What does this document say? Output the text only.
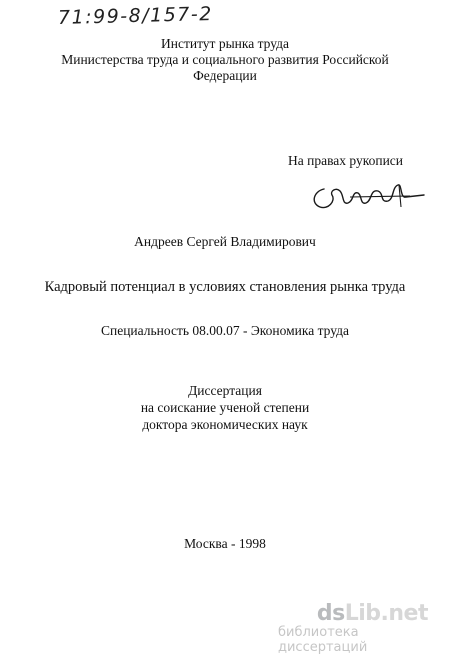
71:99-8/157-2
Институт рынка труда
Министерства труда и социального развития Российской
Федерации
На правах рукописи
Андреев Сергей Владимирович
Кадровый потенциал в условиях становления рынка труда
Специальность 08.00.07 - Экономика труда
Диссертация
на соискание ученой степени
доктора экономических наук
Москва - 1998
dsLib.net
библиотека диссертаций
